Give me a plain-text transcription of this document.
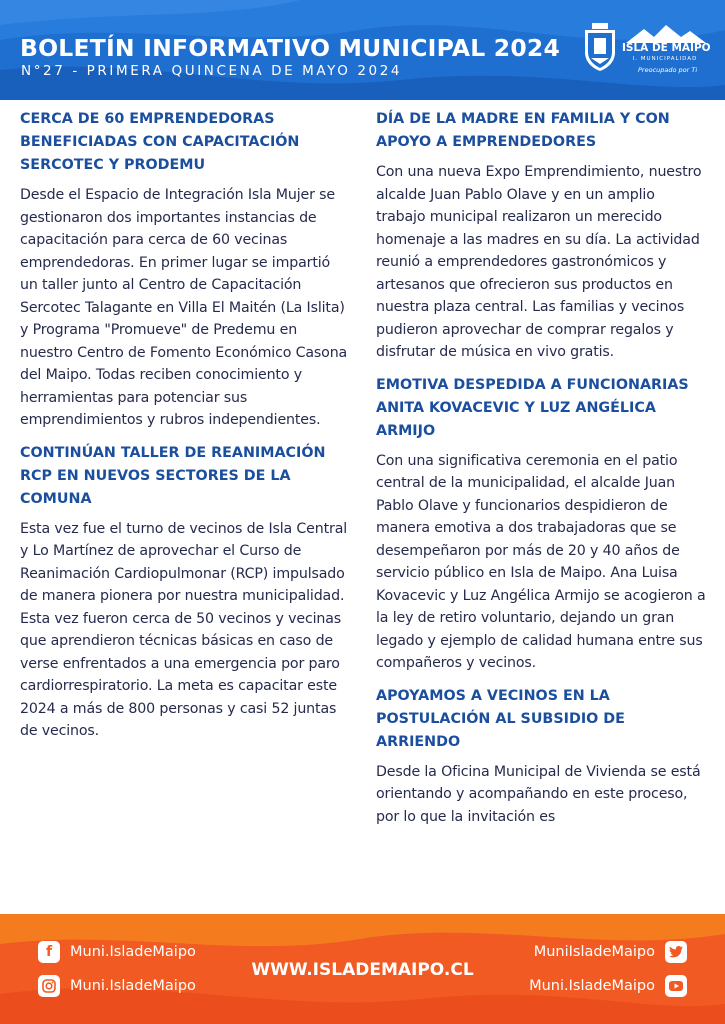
BOLETÍN INFORMATIVO MUNICIPAL 2024
N°27 - PRIMERA QUINCENA DE MAYO 2024
ISLA DE MAIPO
I. MUNICIPALIDAD
Preocupado por Ti
CERCA DE 60 EMPRENDEDORAS BENEFICIADAS CON CAPACITACIÓN SERCOTEC Y PRODEMU

Desde el Espacio de Integración Isla Mujer se gestionaron dos importantes instancias de capacitación para cerca de 60 vecinas emprendedoras. En primer lugar se impartió un taller junto al Centro de Capacitación Sercotec Talagante en Villa El Maitén (La Islita) y Programa "Promueve" de Predemu en nuestro Centro de Fomento Económico Casona del Maipo. Todas reciben conocimiento y herramientas para potenciar sus emprendimientos y rubros independientes.

CONTINÚAN TALLER DE REANIMACIÓN RCP EN NUEVOS SECTORES DE LA COMUNA

Esta vez fue el turno de vecinos de Isla Central y Lo Martínez de aprovechar el Curso de Reanimación Cardiopulmonar (RCP) impulsado de manera pionera por nuestra municipalidad. Esta vez fueron cerca de 50 vecinos y vecinas que aprendieron técnicas básicas en caso de verse enfrentados a una emergencia por paro cardiorrespiratorio. La meta es capacitar este 2024 a más de 800 personas y casi 52 juntas de vecinos.

DÍA DE LA MADRE EN FAMILIA Y CON APOYO A EMPRENDEDORES

Con una nueva Expo Emprendimiento, nuestro alcalde Juan Pablo Olave y en un amplio trabajo municipal realizaron un merecido homenaje a las madres en su día. La actividad reunió a emprendedores gastronómicos y artesanos que ofrecieron sus productos en nuestra plaza central. Las familias y vecinos pudieron aprovechar de comprar regalos y disfrutar de música en vivo gratis.

EMOTIVA DESPEDIDA A FUNCIONARIAS ANITA KOVACEVIC Y LUZ ANGÉLICA ARMIJO

Con una significativa ceremonia en el patio central de la municipalidad, el alcalde Juan Pablo Olave y funcionarios despidieron de manera emotiva a dos trabajadoras que se desempeñaron por más de 20 y 40 años de servicio público en Isla de Maipo. Ana Luisa Kovacevic y Luz Angélica Armijo se acogieron a la ley de retiro voluntario, dejando un gran legado y ejemplo de calidad humana entre sus compañeros y vecinos.

APOYAMOS A VECINOS EN LA POSTULACIÓN AL SUBSIDIO DE ARRIENDO

Desde la Oficina Municipal de Vivienda se está orientando y acompañando en este proceso, por lo que la invitación es

f	Muni.IsladeMaipo
Muni.IsladeMaipo
WWW.ISLADEMAIPO.CL
MuniIsladeMaipo
Muni.IsladeMaipo
